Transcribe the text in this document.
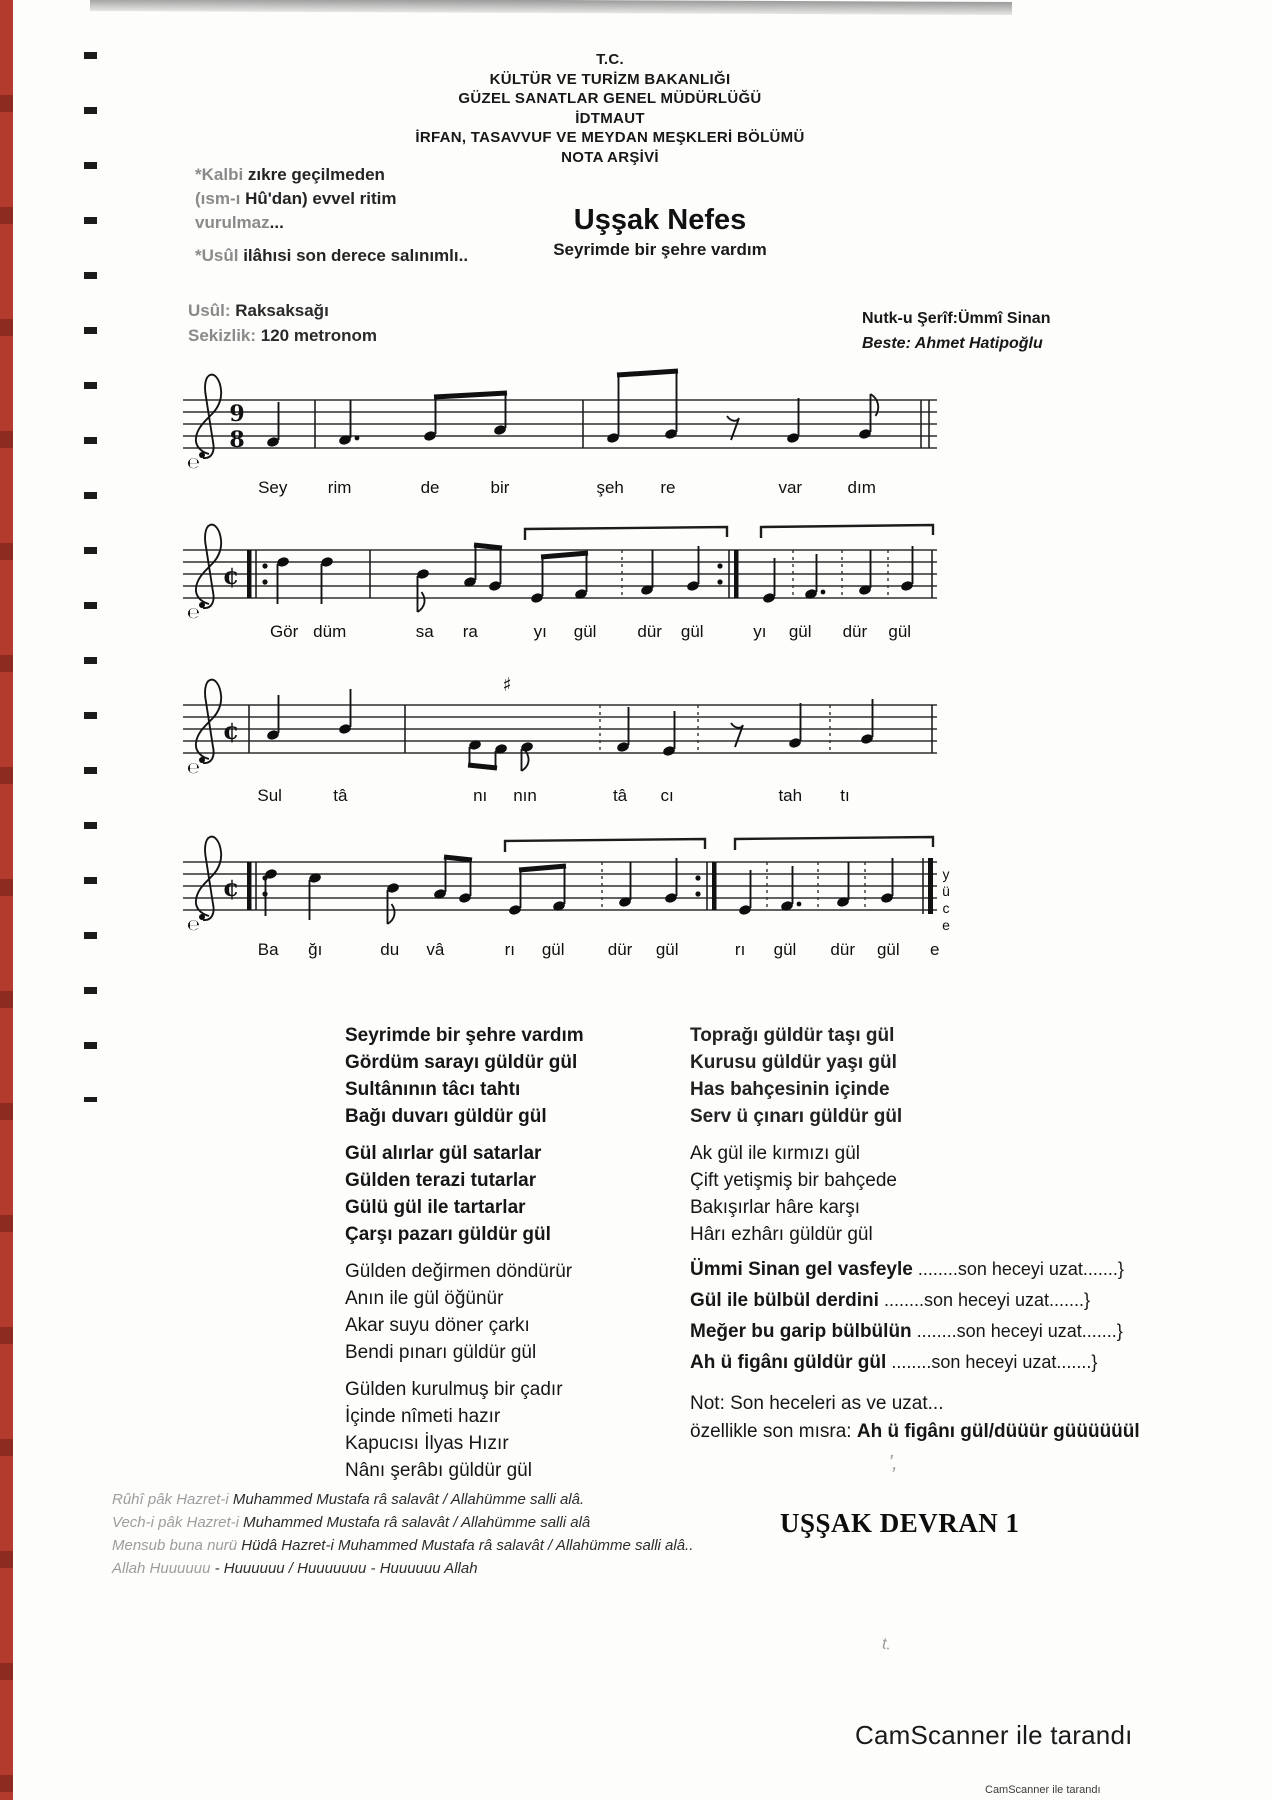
T.C.
KÜLTÜR VE TURİZM BAKANLIĞI
GÜZEL SANATLAR GENEL MÜDÜRLÜĞÜ
İDTMAUT
İRFAN, TASAVVUF VE MEYDAN MEŞKLERİ BÖLÜMÜ
NOTA ARŞİVİ
*Kalbi zıkre geçilmeden
(ısm-ı Hû'dan) evvel ritim
vurulmaz...
*Usûl ilâhısi son derece salınımlı..
Usûl: Raksaksağı
Sekizlik: 120 metronom
Uşşak Nefes
Seyrimde bir şehre vardım
Nutk-u Şerîf:Ümmî Sinan
Beste: Ahmet Hatipoğlu
℮
9
8
Sey rim	de	bir	şeh re	var	dım
℮
¢
Gör düm	sa ra	yı gül dür gül	yı gül dür gül
℮
¢
♯
Sul	tâ	nı nın	tâ cı	tah tı
℮
¢
Ba ğı	du vâ	rı gül	dür gül	rı gül dür gül e
y
ü
c
e
Seyrimde bir şehre vardım
Gördüm sarayı güldür gül
Sultânının tâcı tahtı
Bağı duvarı güldür gül
Toprağı güldür taşı gül
Kurusu güldür yaşı gül
Has bahçesinin içinde
Serv ü çınarı güldür gül
Gül alırlar gül satarlar
Gülden terazi tutarlar
Gülü gül ile tartarlar
Çarşı pazarı güldür gül
Ak gül ile kırmızı gül
Çift yetişmiş bir bahçede
Bakışırlar hâre karşı
Hârı ezhârı güldür gül
Gülden değirmen döndürür
Anın ile gül öğünür
Akar suyu döner çarkı
Bendi pınarı güldür gül
Ümmi Sinan gel vasfeyle ........son heceyi uzat.......}
Gül ile bülbül derdini ........son heceyi uzat.......}
Meğer bu garip bülbülün ........son heceyi uzat.......}
Ah ü figânı güldür gül ........son heceyi uzat.......}
Gülden kurulmuş bir çadır
İçinde nîmeti hazır
Kapucısı İlyas Hızır
Nânı şerâbı güldür gül
Not: Son heceleri as ve uzat...
özellikle son mısra: Ah ü figânı gül/düüür güüüüüül
’,
t.
Rûhî pâk Hazret-i Muhammed Mustafa râ salavât / Allahümme salli alâ.
Vech-i pâk Hazret-i Muhammed Mustafa râ salavât / Allahümme salli alâ
Mensub buna nurü Hüdâ Hazret-i Muhammed Mustafa râ salavât / Allahümme salli alâ..
Allah Huuuuuu - Huuuuuu / Huuuuuuu - Huuuuuu Allah
UŞŞAK DEVRAN 1
CamScanner ile tarandı
CamScanner ile tarandı
